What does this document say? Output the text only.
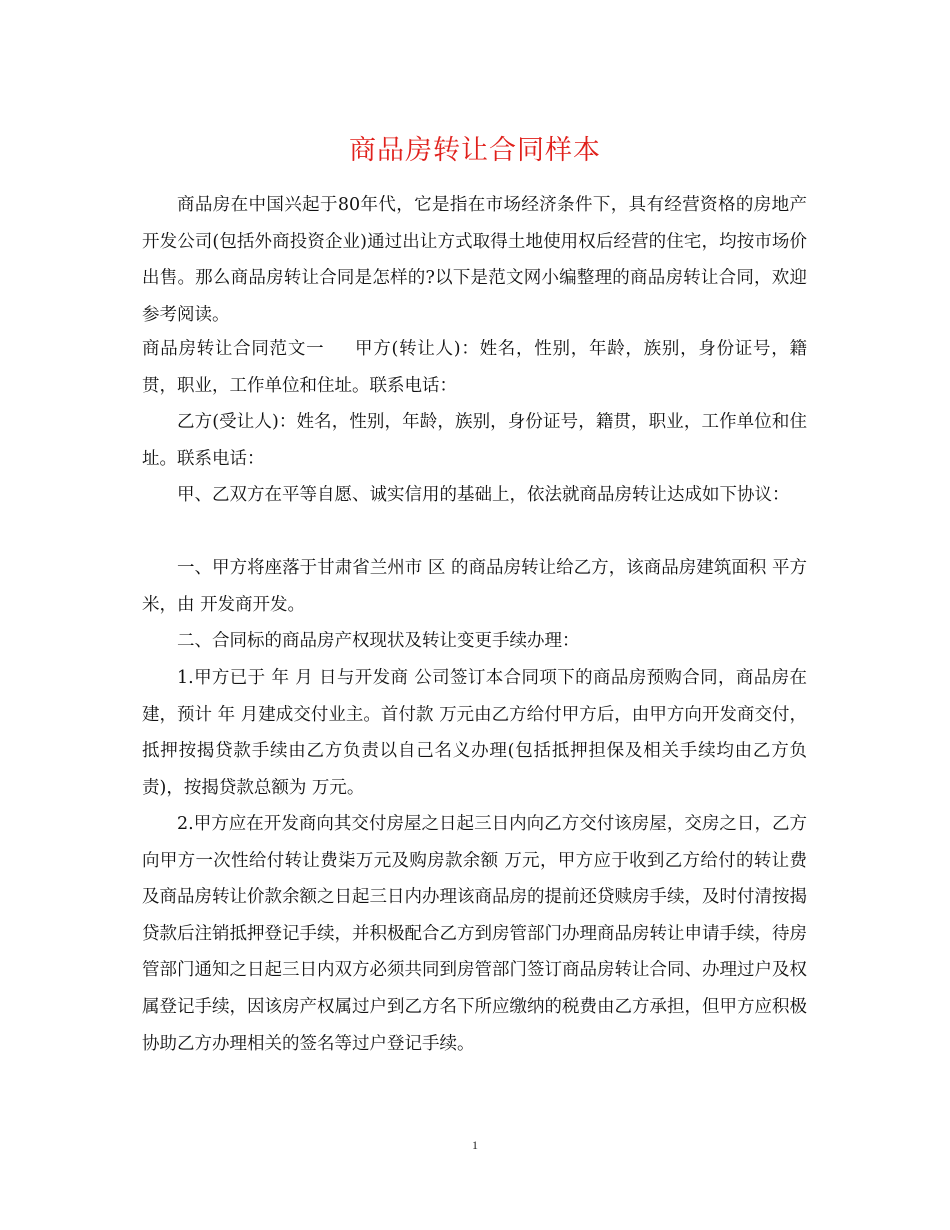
商品房转让合同样本

商品房在中国兴起于80年代，它是指在市场经济条件下，具有经营资格的房地产开发公司(包括外商投资企业)通过出让方式取得土地使用权后经营的住宅，均按市场价出售。那么商品房转让合同是怎样的?以下是范文网小编整理的商品房转让合同，欢迎参考阅读。

商品房转让合同范文一 甲方(转让人)：姓名，性别，年龄，族别，身份证号，籍贯，职业，工作单位和住址。联系电话：

乙方(受让人)：姓名，性别，年龄，族别，身份证号，籍贯，职业，工作单位和住址。联系电话：

甲、乙双方在平等自愿、诚实信用的基础上，依法就商品房转让达成如下协议：

一、甲方将座落于甘肃省兰州市 区 的商品房转让给乙方，该商品房建筑面积 平方米，由 开发商开发。

二、合同标的商品房产权现状及转让变更手续办理：

1.甲方已于 年 月 日与开发商 公司签订本合同项下的商品房预购合同，商品房在建，预计 年 月建成交付业主。首付款 万元由乙方给付甲方后，由甲方向开发商交付，抵押按揭贷款手续由乙方负责以自己名义办理(包括抵押担保及相关手续均由乙方负责)，按揭贷款总额为 万元。

2.甲方应在开发商向其交付房屋之日起三日内向乙方交付该房屋，交房之日，乙方向甲方一次性给付转让费柒万元及购房款余额 万元，甲方应于收到乙方给付的转让费及商品房转让价款余额之日起三日内办理该商品房的提前还贷赎房手续，及时付清按揭贷款后注销抵押登记手续，并积极配合乙方到房管部门办理商品房转让申请手续，待房管部门通知之日起三日内双方必须共同到房管部门签订商品房转让合同、办理过户及权属登记手续，因该房产权属过户到乙方名下所应缴纳的税费由乙方承担，但甲方应积极协助乙方办理相关的签名等过户登记手续。

1
